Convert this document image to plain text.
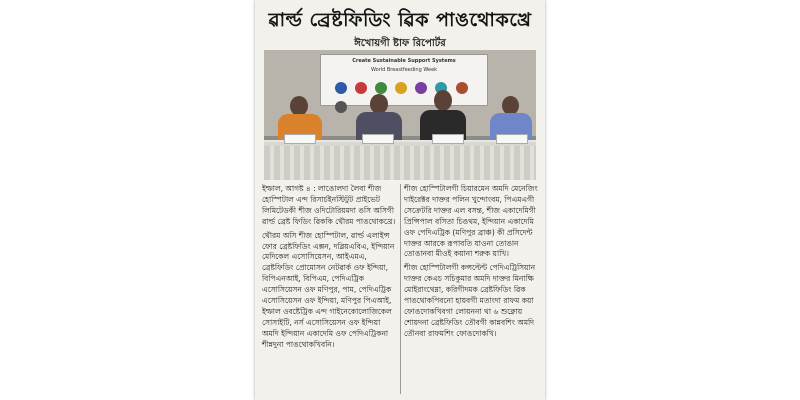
ৱাৰ্ল্ড ব্ৰেষ্টফিডিং ৱিক পাঙথোকখ্রে
ঈখোয়গী ষ্টাফ রিপোর্টর
Create Sustainable Support Systems
World Breastfeeding Week

ইম্ফাল, আগষ্ট ৪ : লাঙোলদা লৈবা শীজ হোস্পিটাল এন্দ রিসার্চইনস্টিটুট প্রাইভেট লিমিটেডকী শীজ ওদিটোরিয়মদা ঙসি অসিগী ৱাৰ্ল্ড ব্ৰেষ্ট ফিডিং ৱিককি থৌরম পাঙথোকখ্রে।

থৌরম অসি শীজ হোস্পিটাল, ৱাৰ্ল্ড এলাইন্স ফোর ব্ৰেষ্টফিডিং এক্সন, দব্লিয়এবিএ, ইন্দিয়ান মেদিকেল এসোসিয়েসন, আইএমএ, ব্ৰেষ্টফিডিং প্রোমোসন নেটৱার্ক ওফ ইন্দিয়া, বিপিএনআই, বিপিএম, পেদিএট্রিক এসোসিয়েসন ওফ মণিপুর, পাম, পেদিএট্রিক এসোসিয়েসন ওফ ইন্দিয়া, মণিপুর পিএআই, ইম্ফাল ওবষ্টেট্রিক এন্দ গাইনেকোলোজিকেল সোসাইটি, নর্স এসোসিয়েসন ওফ ইন্দিয়া অমদি ইন্দিয়ান একাদেমি ওফ পেদিএট্রিকনা শীন্নদুনা পাঙথোকখিবনি।

শীজ হোস্পিটালগী চিয়ারমেন অমদি মেনেজিং দাইরেক্টর দাক্তর পলিন খুন্দোংবম, পিএমএগী সেক্রেটরি দাক্তর এল বসন্ত, শীজ একাদেমিগী প্রিন্সিপাল বসিতা চিঙথম, ইন্দিয়ান একাদেমি ওফ পেদিএট্রিক (মণিপুর ব্রাঞ্চ) কী প্রসিদেন্ট দাক্তর আরকে রূপাবতি যাওনা তোঙান তোঙানবা মীওই কয়ানা শরুক য়াখি।

শীজ হোস্পিটালগী কন্সল্টেন্ট পেদিএট্রিসিয়ান দাক্তর কেএচ সচিকুমার অমদি দাক্তর মিনাক্ষি মোইরাংথেম্না, করিগীদমক ব্ৰেষ্টফিডিং ৱিক পাঙথোকপিবনো হায়বগী মতাংদা রাফম কয়া ফোঙদোকখিবগা লোয়ননা থা ৬ শুক্নোয় শোয়দনা ব্ৰেষ্টফিডিং তৌবগী কান্নবশিং অমদি তৌনবা রাফমশিং ফোঙদোকখি।
